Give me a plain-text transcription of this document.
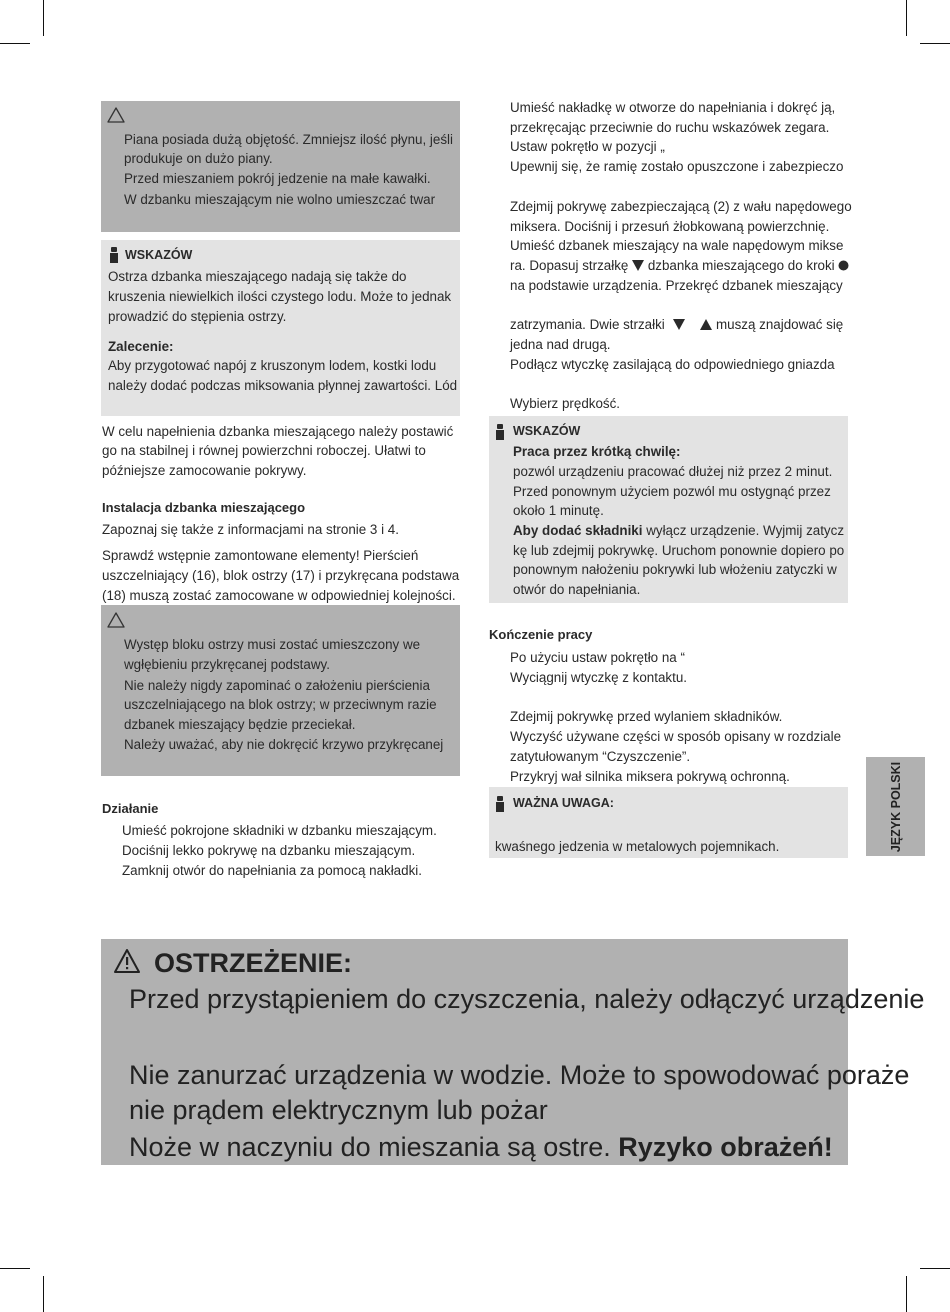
JĘZYK POLSKI
Piana posiada dużą objętość. Zmniejsz ilość płynu, jeśli
produkuje on dużo piany.
Przed mieszaniem pokrój jedzenie na małe kawałki.
W dzbanku mieszającym nie wolno umieszczać twar
WSKAZÓW
Ostrza dzbanka mieszającego nadają się także do
kruszenia niewielkich ilości czystego lodu. Może to jednak
prowadzić do stępienia ostrzy.
Zalecenie:
Aby przygotować napój z kruszonym lodem, kostki lodu
należy dodać podczas miksowania płynnej zawartości. Lód
W celu napełnienia dzbanka mieszającego należy postawić
go na stabilnej i równej powierzchni roboczej. Ułatwi to
późniejsze zamocowanie pokrywy.
Instalacja dzbanka mieszającego
Zapoznaj się także z informacjami na stronie 3 i 4.
Sprawdź wstępnie zamontowane elementy! Pierścień
uszczelniający (16), blok ostrzy (17) i przykręcana podstawa
(18) muszą zostać zamocowane w odpowiedniej kolejności.
Występ bloku ostrzy musi zostać umieszczony we
wgłębieniu przykręcanej podstawy.
Nie należy nigdy zapominać o założeniu pierścienia
uszczelniającego na blok ostrzy; w przeciwnym razie
dzbanek mieszający będzie przeciekał.
Należy uważać, aby nie dokręcić krzywo przykręcanej
Działanie
Umieść pokrojone składniki w dzbanku mieszającym.
Dociśnij lekko pokrywę na dzbanku mieszającym.
Zamknij otwór do napełniania za pomocą nakładki.
Umieść nakładkę w otworze do napełniania i dokręć ją,
przekręcając przeciwnie do ruchu wskazówek zegara.
Ustaw pokrętło w pozycji „
Upewnij się, że ramię zostało opuszczone i zabezpieczo
Zdejmij pokrywę zabezpieczającą (2) z wału napędowego
miksera. Dociśnij i przesuń żłobkowaną powierzchnię.
Umieść dzbanek mieszający na wale napędowym mikse
ra. Dopasuj strzałkę dzbanka mieszającego do kroki
na podstawie urządzenia. Przekręć dzbanek mieszający
zatrzymania. Dwie strzałki	muszą znajdować się
jedna nad drugą.
Podłącz wtyczkę zasilającą do odpowiedniego gniazda
Wybierz prędkość.
WSKAZÓW
Praca przez krótką chwilę:
pozwól urządzeniu pracować dłużej niż przez 2 minut.
Przed ponownym użyciem pozwól mu ostygnąć przez
około 1 minutę.
Aby dodać składniki wyłącz urządzenie. Wyjmij zatycz
kę lub zdejmij pokrywkę. Uruchom ponownie dopiero po
ponownym nałożeniu pokrywki lub włożeniu zatyczki w
otwór do napełniania.
Kończenie pracy
Po użyciu ustaw pokrętło na “
Wyciągnij wtyczkę z kontaktu.
Zdejmij pokrywkę przed wylaniem składników.
Wyczyść używane części w sposób opisany w rozdziale
zatytułowanym “Czyszczenie”.
Przykryj wał silnika miksera pokrywą ochronną.
WAŻNA UWAGA:
kwaśnego jedzenia w metalowych pojemnikach.
OSTRZEŻENIE:
Przed przystąpieniem do czyszczenia, należy odłączyć urządzenie
Nie zanurzać urządzenia w wodzie. Może to spowodować poraże
nie prądem elektrycznym lub pożar
Noże w naczyniu do mieszania są ostre. Ryzyko obrażeń!
